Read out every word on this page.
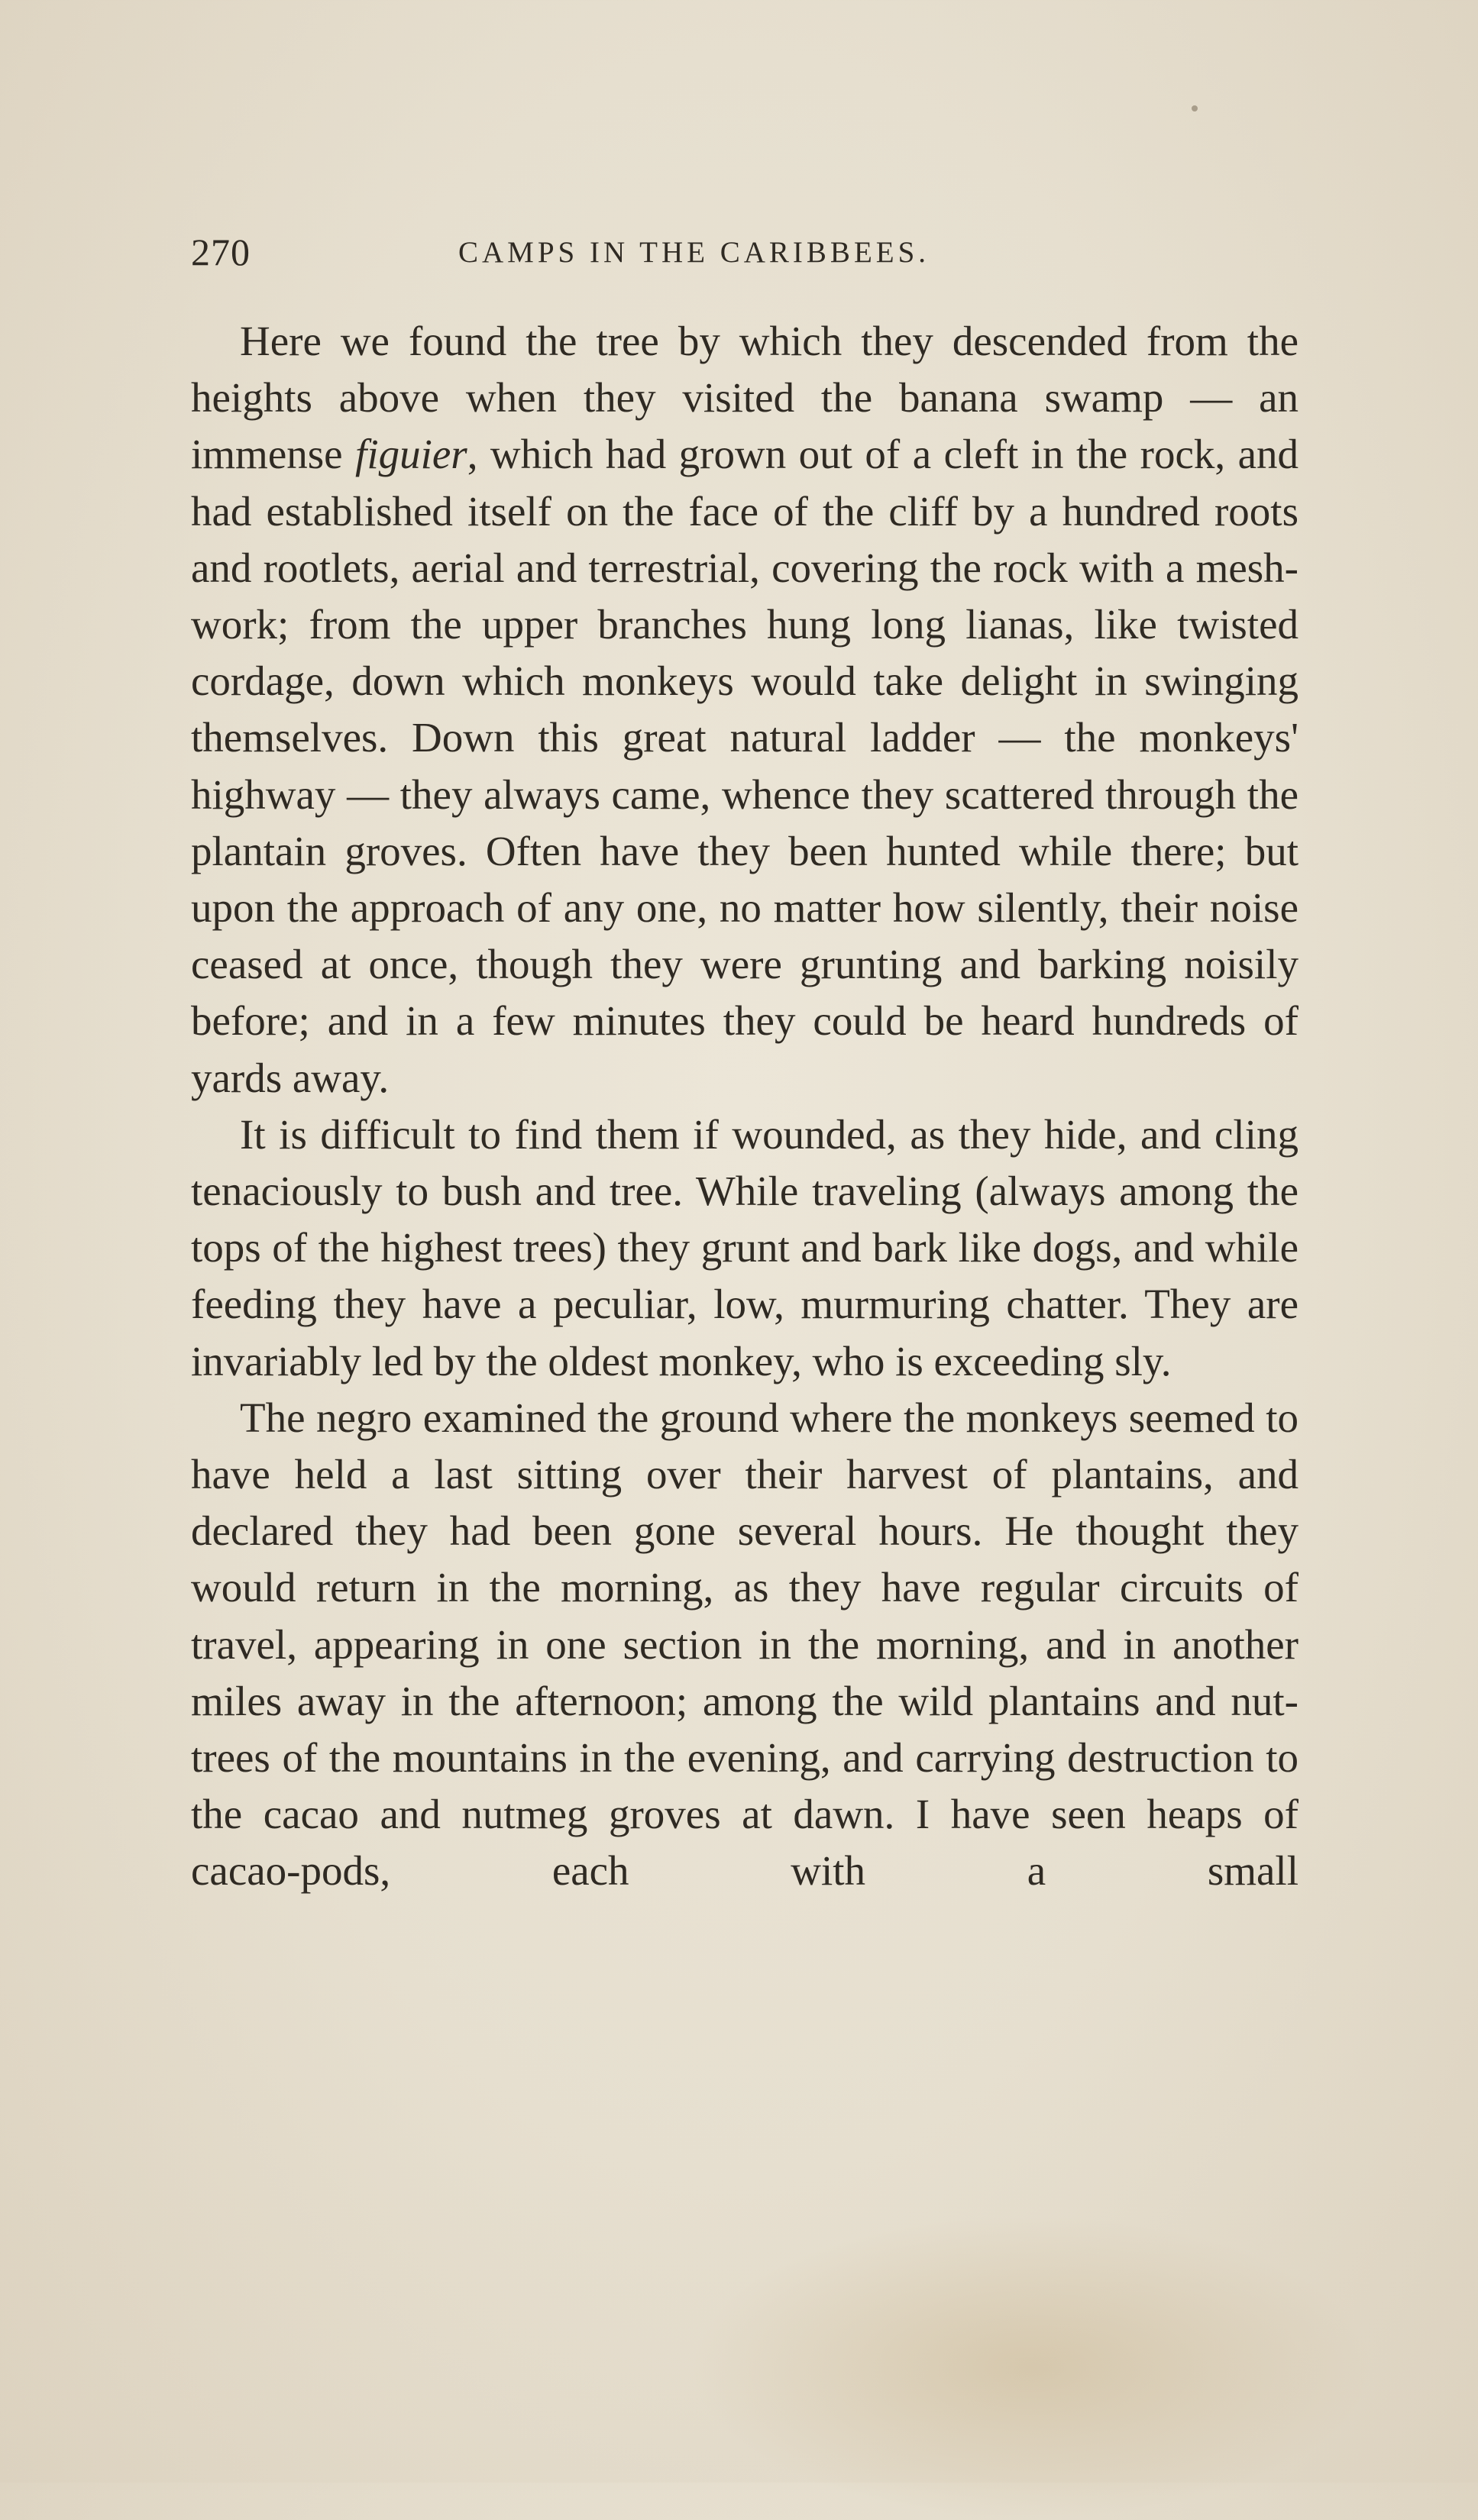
270	CAMPS IN THE CARIBBEES.

Here we found the tree by which they descended from the heights above when they visited the banana swamp — an immense figuier, which had grown out of a cleft in the rock, and had established itself on the face of the cliff by a hundred roots and rootlets, aerial and terrestrial, covering the rock with a mesh-work; from the upper branches hung long lianas, like twisted cordage, down which monkeys would take delight in swinging themselves. Down this great natural ladder — the monkeys' highway — they always came, whence they scattered through the plantain groves. Often have they been hunted while there; but upon the approach of any one, no matter how silently, their noise ceased at once, though they were grunting and barking noisily before; and in a few minutes they could be heard hundreds of yards away.

It is difficult to find them if wounded, as they hide, and cling tenaciously to bush and tree. While traveling (always among the tops of the highest trees) they grunt and bark like dogs, and while feeding they have a peculiar, low, murmuring chatter. They are invariably led by the oldest monkey, who is exceeding sly.

The negro examined the ground where the monkeys seemed to have held a last sitting over their harvest of plantains, and declared they had been gone several hours. He thought they would return in the morning, as they have regular circuits of travel, appearing in one section in the morning, and in another miles away in the afternoon; among the wild plantains and nut-trees of the mountains in the evening, and carrying destruction to the cacao and nutmeg groves at dawn. I have seen heaps of cacao-pods, each with a small
